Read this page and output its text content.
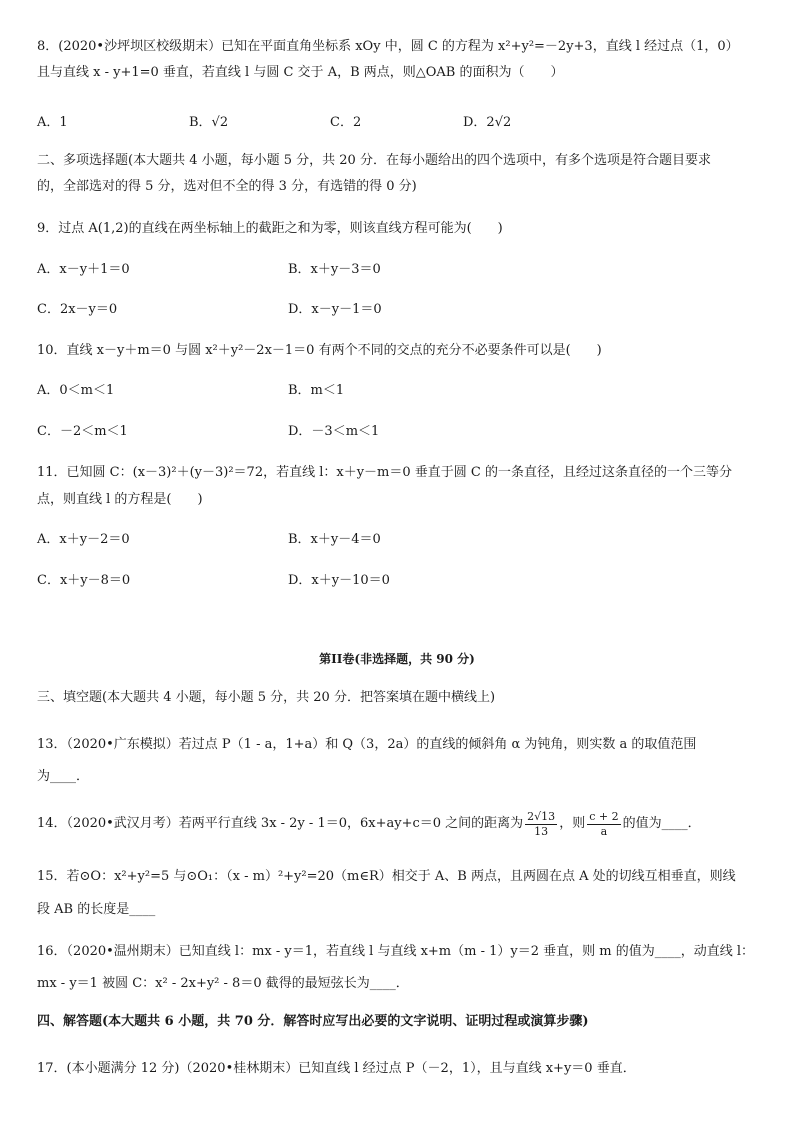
8．(2020•沙坪坝区校级期末）已知在平面直角坐标系 xOy 中，圆 C 的方程为 x²+y²=－2y+3，直线 l 经过点（1，0）
且与直线 x - y+1=0 垂直，若直线 l 与圆 C 交于 A，B 两点，则△OAB 的面积为（　　）
A．1	B．√2	C．2	D．2√2
二、多项选择题(本大题共 4 小题，每小题 5 分，共 20 分．在每小题给出的四个选项中，有多个选项是符合题目要求
的，全部选对的得 5 分，选对但不全的得 3 分，有选错的得 0 分)
9．过点 A(1,2)的直线在两坐标轴上的截距之和为零，则该直线方程可能为(　　)
A．x－y＋1＝0	B．x＋y－3＝0
C．2x－y＝0	D．x－y－1＝0
10．直线 x－y＋m＝0 与圆 x²＋y²－2x－1＝0 有两个不同的交点的充分不必要条件可以是(　　)
A．0＜m＜1	B．m＜1
C．－2＜m＜1	D．－3＜m＜1
11．已知圆 C：(x－3)²＋(y－3)²＝72，若直线 l：x＋y－m＝0 垂直于圆 C 的一条直径，且经过这条直径的一个三等分
点，则直线 l 的方程是(　　)
A．x＋y－2＝0	B．x＋y－4＝0
C．x＋y－8＝0	D．x＋y－10＝0
第II卷(非选择题，共 90 分)
三、填空题(本大题共 4 小题，每小题 5 分，共 20 分．把答案填在题中横线上)
13．（2020•广东模拟）若过点 P（1 - a，1+a）和 Q（3，2a）的直线的倾斜角 α 为钝角，则实数 a 的取值范围
为____．
14．（2020•武汉月考）若两平行直线 3x - 2y - 1＝0，6x+ay+c＝0 之间的距离为 $\frac{2√13}{13}$ ，则 $\frac{c + 2}{a}$ 的值为____．
15．若⊙O：x²+y²=5 与⊙O₁：（x - m）²+y²=20（m∈R）相交于 A、B 两点，且两圆在点 A 处的切线互相垂直，则线
段 AB 的长度是____
16．（2020•温州期末）已知直线 l：mx - y＝1，若直线 l 与直线 x+m（m - 1）y＝2 垂直，则 m 的值为____，动直线 l：
mx - y＝1 被圆 C：x² - 2x+y² - 8＝0 截得的最短弦长为____．
四、解答题(本大题共 6 小题，共 70 分．解答时应写出必要的文字说明、证明过程或演算步骤)
17．(本小题满分 12 分)（2020•桂林期末）已知直线 l 经过点 P（－2，1），且与直线 x+y＝0 垂直．
